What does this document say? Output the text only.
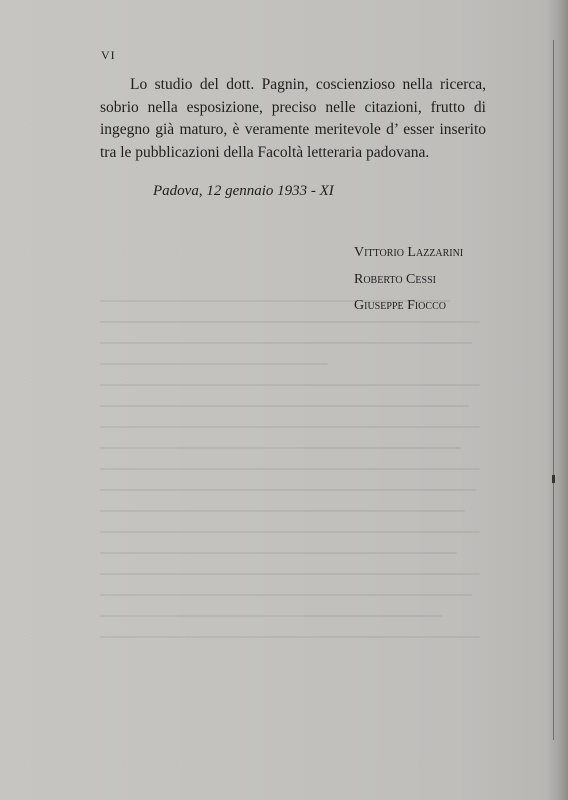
VI

Lo studio del dott. Pagnin, coscienzioso nella ricerca, sobrio nella esposizione, preciso nelle citazioni, frutto di ingegno già maturo, è veramente meritevole d’ esser inserito tra le pubblicazioni della Facoltà letteraria padovana.

Padova, 12 gennaio 1933 - XI
Vittorio Lazzarini
Roberto Cessi
Giuseppe Fiocco
